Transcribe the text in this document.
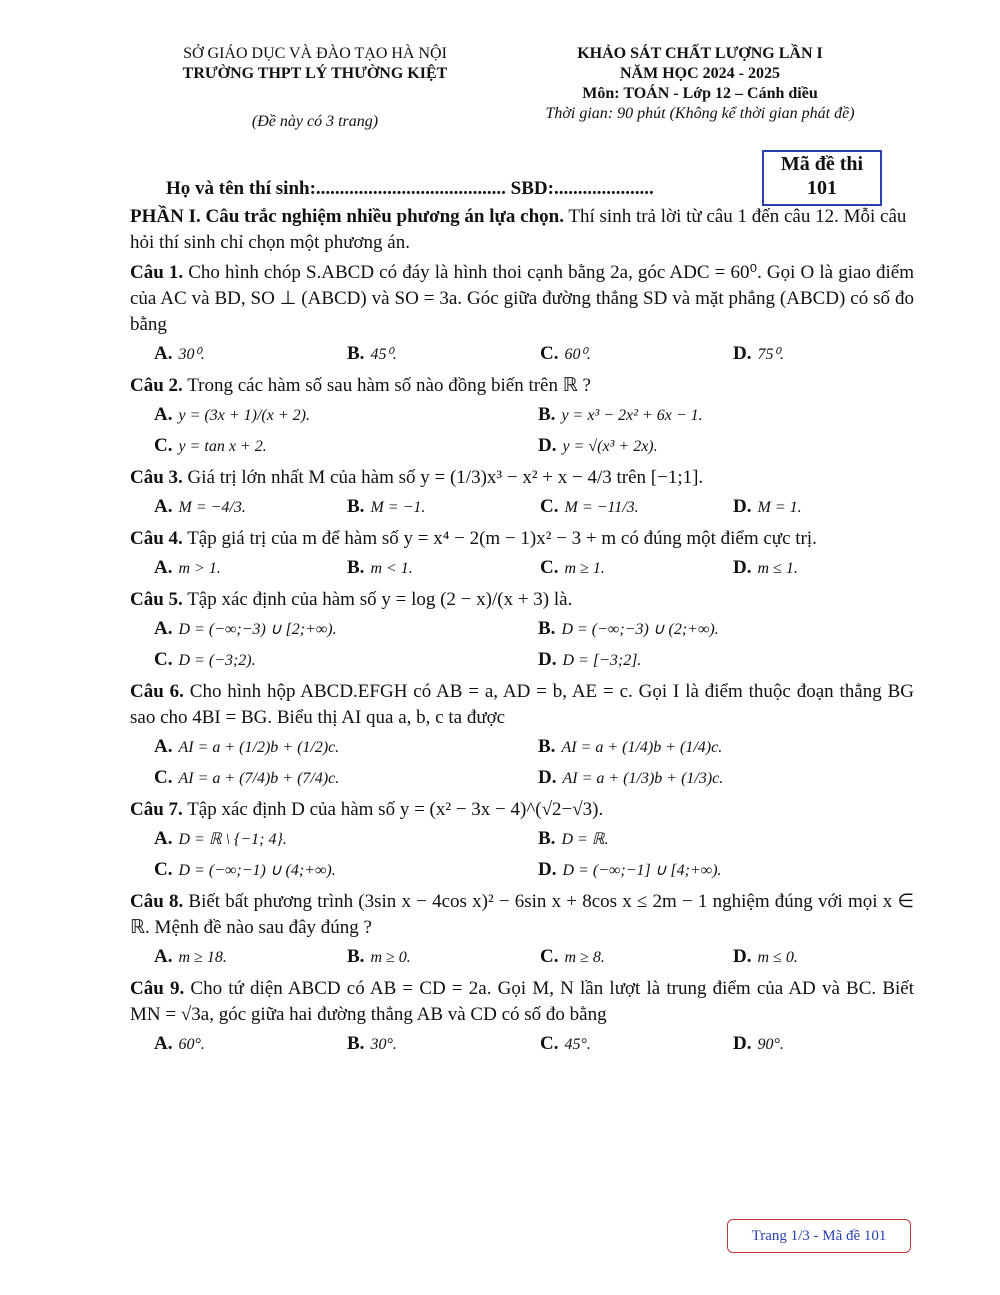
SỞ GIÁO DỤC VÀ ĐÀO TẠO HÀ NỘI
TRƯỜNG THPT LÝ THƯỜNG KIỆT
(Đề này có 3 trang)
KHẢO SÁT CHẤT LƯỢNG LẦN I
NĂM HỌC 2024 - 2025
Môn: TOÁN - Lớp 12 – Cánh diều
Thời gian: 90 phút (Không kể thời gian phát đề)
Mã đề thi
101
Họ và tên thí sinh:........................................ SBD:.....................

PHẦN I. Câu trắc nghiệm nhiều phương án lựa chọn. Thí sinh trả lời từ câu 1 đến câu 12. Mỗi câu hỏi thí sinh chỉ chọn một phương án.

Câu 1. Cho hình chóp S.ABCD có đáy là hình thoi cạnh bằng 2a, góc ADC = 60⁰. Gọi O là giao điểm của AC và BD, SO ⊥ (ABCD) và SO = 3a. Góc giữa đường thẳng SD và mặt phẳng (ABCD) có số đo bằng

A. 30⁰.	B. 45⁰.	C. 60⁰.	D. 75⁰.

Câu 2. Trong các hàm số sau hàm số nào đồng biến trên ℝ ?

A. y = (3x + 1)/(x + 2).	B. y = x³ − 2x² + 6x − 1.
C. y = tan x + 2.	D. y = √(x³ + 2x).

Câu 3. Giá trị lớn nhất M của hàm số y = (1/3)x³ − x² + x − 4/3 trên [−1;1].

A. M = −4/3.	B. M = −1.	C. M = −11/3.	D. M = 1.

Câu 4. Tập giá trị của m để hàm số y = x⁴ − 2(m − 1)x² − 3 + m có đúng một điểm cực trị.

A. m > 1.	B. m < 1.	C. m ≥ 1.	D. m ≤ 1.

Câu 5. Tập xác định của hàm số y = log (2 − x)/(x + 3) là.

A. D = (−∞;−3) ∪ [2;+∞).	B. D = (−∞;−3) ∪ (2;+∞).
C. D = (−3;2).	D. D = [−3;2].

Câu 6. Cho hình hộp ABCD.EFGH có AB = a, AD = b, AE = c. Gọi I là điểm thuộc đoạn thẳng BG sao cho 4BI = BG. Biểu thị AI qua a, b, c ta được

A. AI = a + (1/2)b + (1/2)c.	B. AI = a + (1/4)b + (1/4)c.
C. AI = a + (7/4)b + (7/4)c.	D. AI = a + (1/3)b + (1/3)c.

Câu 7. Tập xác định D của hàm số y = (x² − 3x − 4)^(√2−√3).

A. D = ℝ \ {−1; 4}.	B. D = ℝ.
C. D = (−∞;−1) ∪ (4;+∞).	D. D = (−∞;−1] ∪ [4;+∞).

Câu 8. Biết bất phương trình (3sin x − 4cos x)² − 6sin x + 8cos x ≤ 2m − 1 nghiệm đúng với mọi x ∈ ℝ. Mệnh đề nào sau đây đúng ?

A. m ≥ 18.	B. m ≥ 0.	C. m ≥ 8.	D. m ≤ 0.

Câu 9. Cho tứ diện ABCD có AB = CD = 2a. Gọi M, N lần lượt là trung điểm của AD và BC. Biết MN = √3a, góc giữa hai đường thẳng AB và CD có số đo bằng

A. 60°.	B. 30°.	C. 45°.	D. 90°.
Trang 1/3 - Mã đề 101
